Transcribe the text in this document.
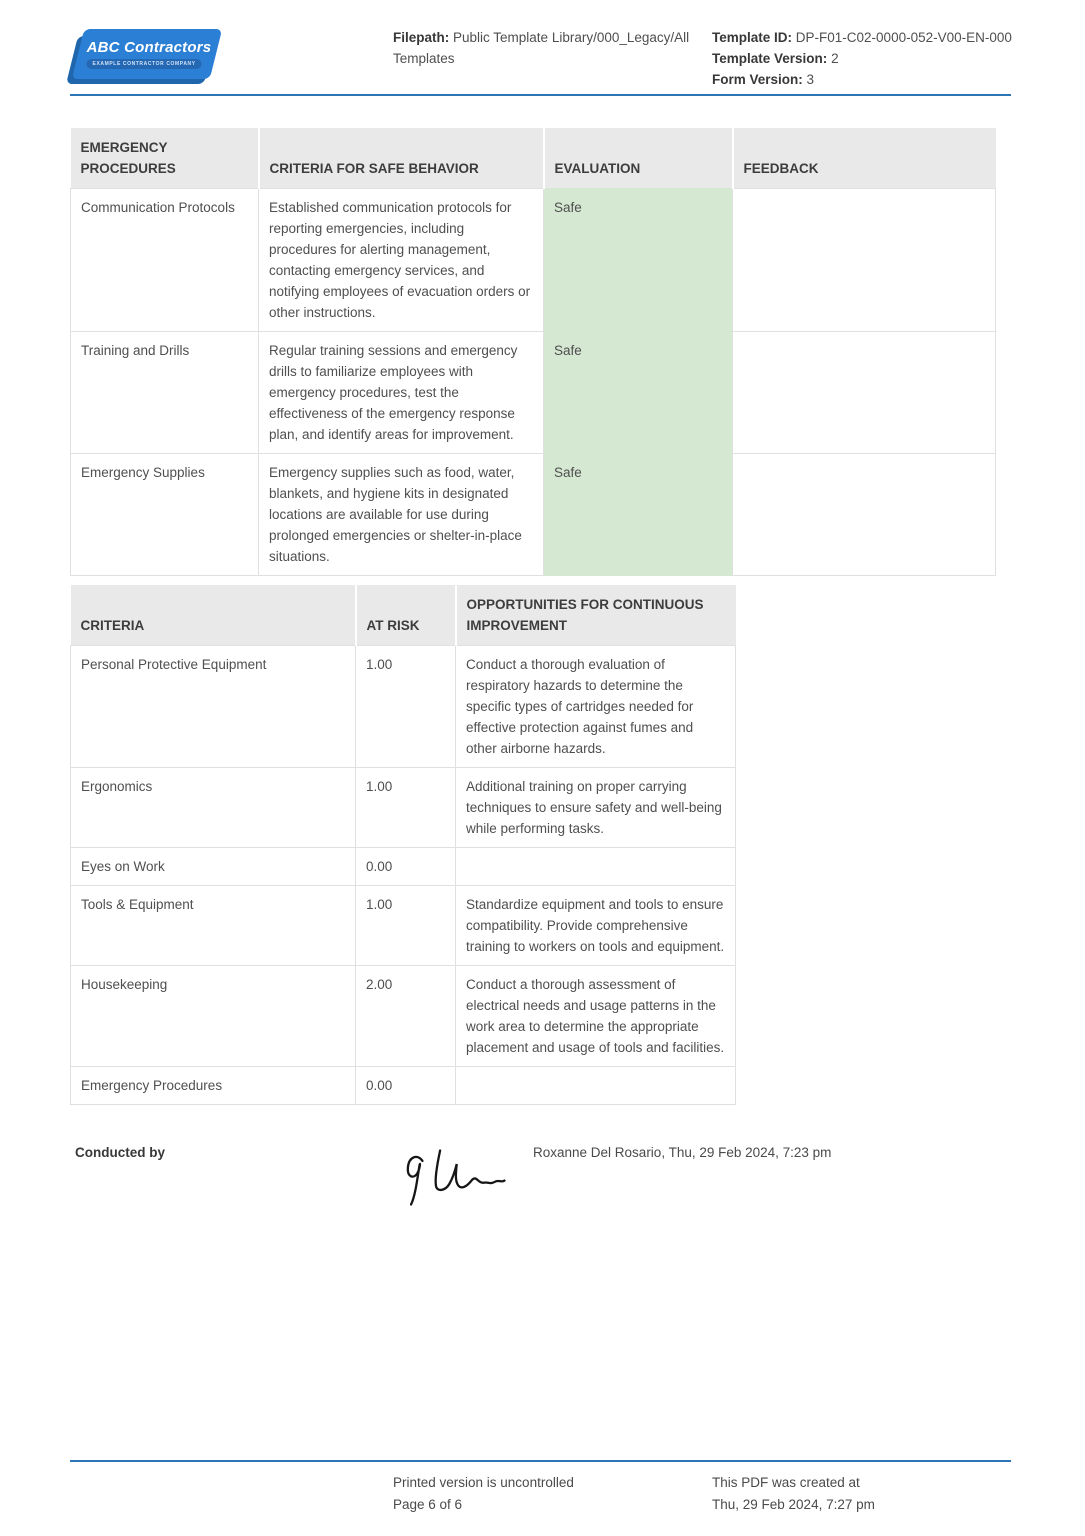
ABC Contractors
EXAMPLE CONTRACTOR COMPANY
Filepath: Public Template Library/000_Legacy/All Templates
Template ID: DP-F01-C02-0000-052-V00-EN-000
Template Version: 2
Form Version: 3
EMERGENCY PROCEDURES	CRITERIA FOR SAFE BEHAVIOR	EVALUATION	FEEDBACK
Communication Protocols	Established communication protocols for reporting emergencies, including procedures for alerting management, contacting emergency services, and notifying employees of evacuation orders or other instructions.	Safe	
Training and Drills	Regular training sessions and emergency drills to familiarize employees with emergency procedures, test the effectiveness of the emergency response plan, and identify areas for improvement.	Safe	
Emergency Supplies	Emergency supplies such as food, water, blankets, and hygiene kits in designated locations are available for use during prolonged emergencies or shelter-in-place situations.	Safe	
CRITERIA	AT RISK	OPPORTUNITIES FOR CONTINUOUS IMPROVEMENT
Personal Protective Equipment	1.00	Conduct a thorough evaluation of respiratory hazards to determine the specific types of cartridges needed for effective protection against fumes and other airborne hazards.
Ergonomics	1.00	Additional training on proper carrying techniques to ensure safety and well-being while performing tasks.
Eyes on Work	0.00	
Tools & Equipment	1.00	Standardize equipment and tools to ensure compatibility. Provide comprehensive training to workers on tools and equipment.
Housekeeping	2.00	Conduct a thorough assessment of electrical needs and usage patterns in the work area to determine the appropriate placement and usage of tools and facilities.
Emergency Procedures	0.00	
Conducted by	Roxanne Del Rosario, Thu, 29 Feb 2024, 7:23 pm
Printed version is uncontrolled
Page 6 of 6
This PDF was created at
Thu, 29 Feb 2024, 7:27 pm
